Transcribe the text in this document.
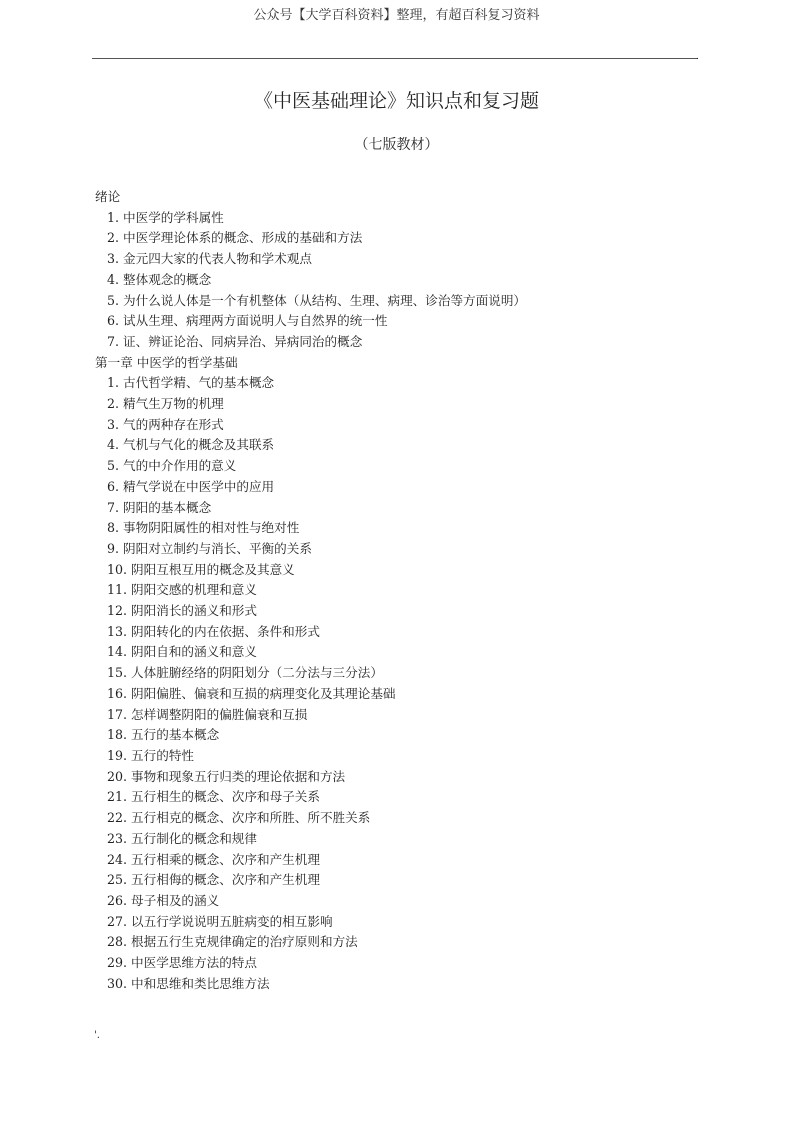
公众号【大学百科资料】整理，有超百科复习资料
.
《中医基础理论》知识点和复习题
（七版教材）
绪论
1. 中医学的学科属性
2. 中医学理论体系的概念、形成的基础和方法
3. 金元四大家的代表人物和学术观点
4. 整体观念的概念
5. 为什么说人体是一个有机整体（从结构、生理、病理、诊治等方面说明）
6. 试从生理、病理两方面说明人与自然界的统一性
7. 证、辨证论治、同病异治、异病同治的概念
第一章 中医学的哲学基础
1. 古代哲学精、气的基本概念
2. 精气生万物的机理
3. 气的两种存在形式
4. 气机与气化的概念及其联系
5. 气的中介作用的意义
6. 精气学说在中医学中的应用
7. 阴阳的基本概念
8. 事物阴阳属性的相对性与绝对性
9. 阴阳对立制约与消长、平衡的关系
10. 阴阳互根互用的概念及其意义
11. 阴阳交感的机理和意义
12. 阴阳消长的涵义和形式
13. 阴阳转化的内在依据、条件和形式
14. 阴阳自和的涵义和意义
15. 人体脏腑经络的阴阳划分（二分法与三分法）
16. 阴阳偏胜、偏衰和互损的病理变化及其理论基础
17. 怎样调整阴阳的偏胜偏衰和互损
18. 五行的基本概念
19. 五行的特性
20. 事物和现象五行归类的理论依据和方法
21. 五行相生的概念、次序和母子关系
22. 五行相克的概念、次序和所胜、所不胜关系
23. 五行制化的概念和规律
24. 五行相乘的概念、次序和产生机理
25. 五行相侮的概念、次序和产生机理
26. 母子相及的涵义
27. 以五行学说说明五脏病变的相互影响
28. 根据五行生克规律确定的治疗原则和方法
29. 中医学思维方法的特点
30. 中和思维和类比思维方法
'.
